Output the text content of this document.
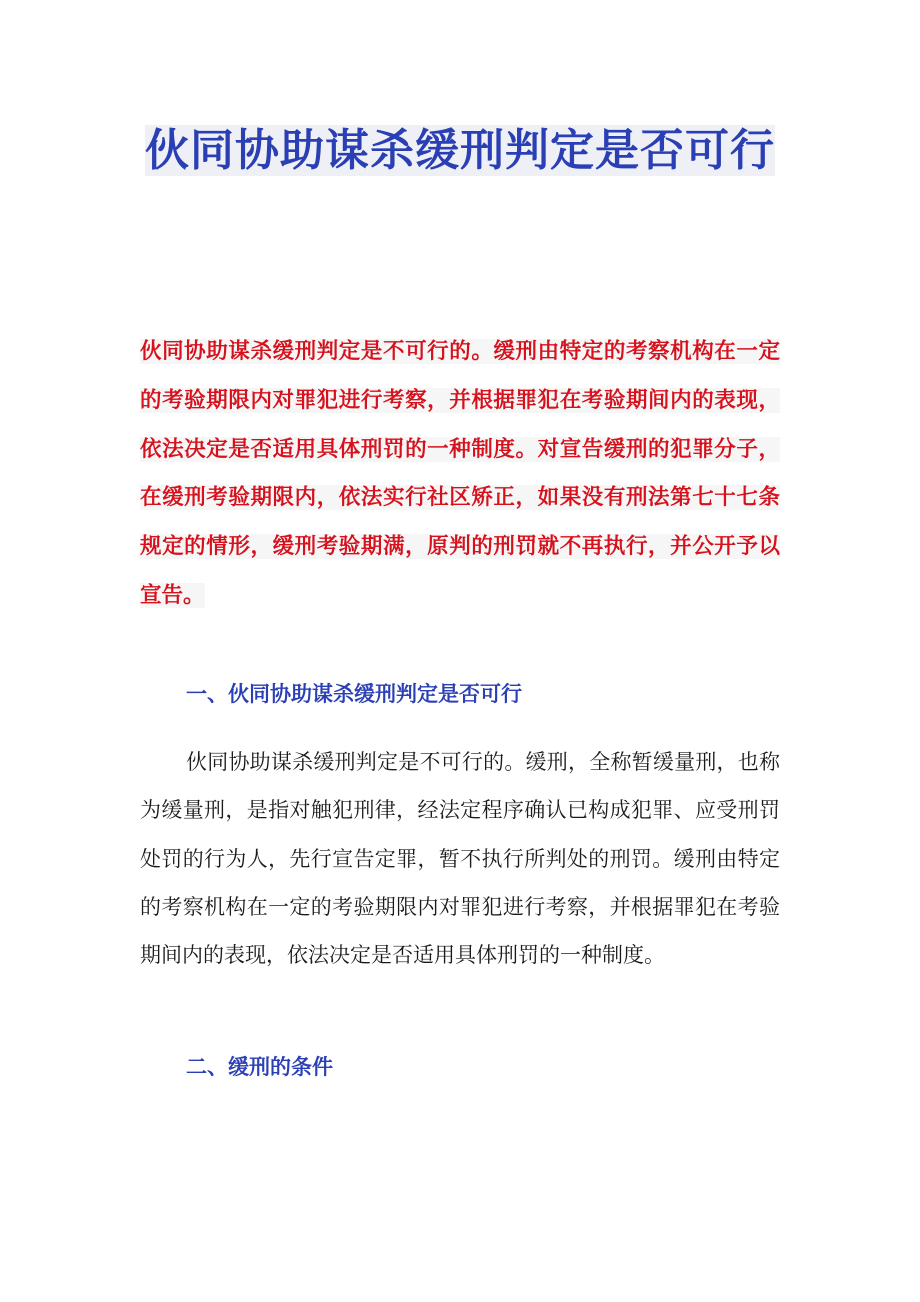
伙同协助谋杀缓刑判定是否可行

伙同协助谋杀缓刑判定是不可行的。缓刑由特定的考察机构在一定的考验期限内对罪犯进行考察，并根据罪犯在考验期间内的表现，依法决定是否适用具体刑罚的一种制度。对宣告缓刑的犯罪分子，在缓刑考验期限内，依法实行社区矫正，如果没有刑法第七十七条规定的情形，缓刑考验期满，原判的刑罚就不再执行，并公开予以宣告。

一、伙同协助谋杀缓刑判定是否可行

伙同协助谋杀缓刑判定是不可行的。缓刑，全称暂缓量刑，也称为缓量刑，是指对触犯刑律，经法定程序确认已构成犯罪、应受刑罚处罚的行为人，先行宣告定罪，暂不执行所判处的刑罚。缓刑由特定的考察机构在一定的考验期限内对罪犯进行考察，并根据罪犯在考验期间内的表现，依法决定是否适用具体刑罚的一种制度。

二、缓刑的条件
